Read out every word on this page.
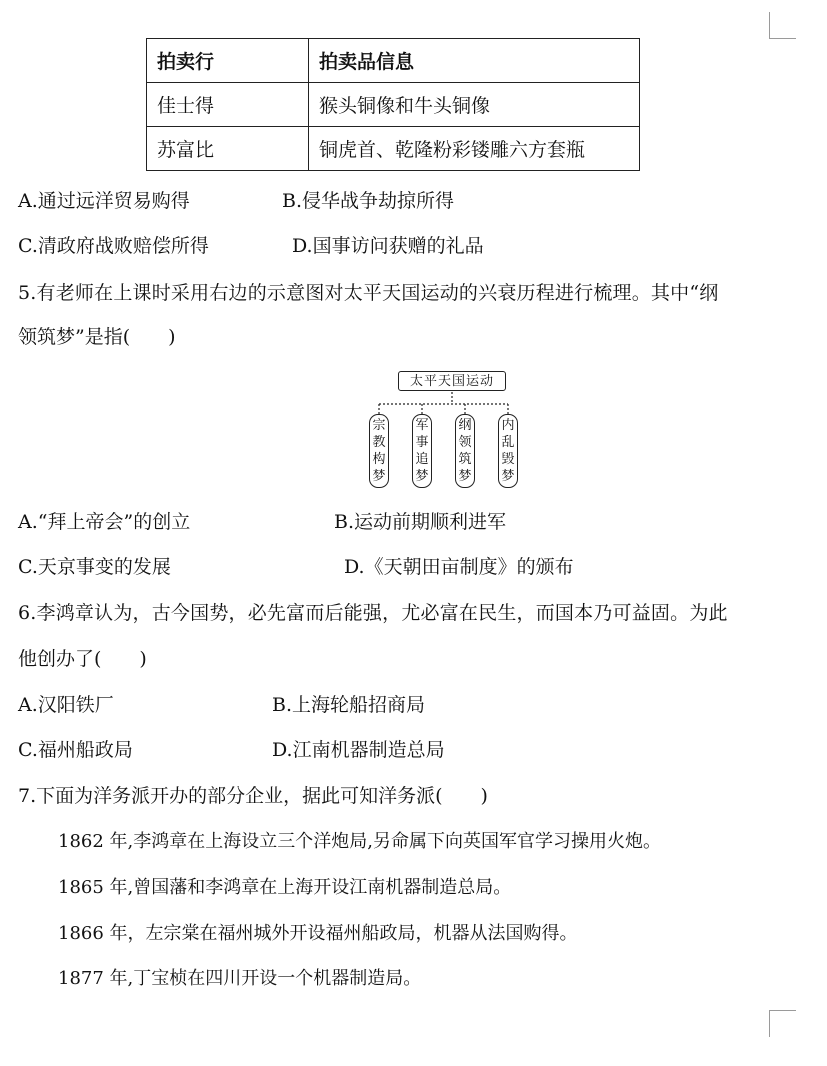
拍卖行	拍卖品信息
佳士得	猴头铜像和牛头铜像
苏富比	铜虎首、乾隆粉彩镂雕六方套瓶
A.通过远洋贸易购得	B.侵华战争劫掠所得
C.清政府战败赔偿所得	D.国事访问获赠的礼品
5.有老师在上课时采用右边的示意图对太平天国运动的兴衰历程进行梳理。其中“纲
领筑梦”是指(　　)
太平天国运动
宗
教
构
梦
军
事
追
梦
纲
领
筑
梦
内
乱
毁
梦
A.“拜上帝会”的创立	B.运动前期顺利进军
C.天京事变的发展	D.《天朝田亩制度》的颁布
6.李鸿章认为，古今国势，必先富而后能强，尤必富在民生，而国本乃可益固。为此
他创办了(　　)
A.汉阳铁厂	B.上海轮船招商局
C.福州船政局	D.江南机器制造总局
7.下面为洋务派开办的部分企业，据此可知洋务派(　　)
1862 年,李鸿章在上海设立三个洋炮局,另命属下向英国军官学习操用火炮。
1865 年,曾国藩和李鸿章在上海开设江南机器制造总局。
1866 年，左宗棠在福州城外开设福州船政局，机器从法国购得。
1877 年,丁宝桢在四川开设一个机器制造局。
